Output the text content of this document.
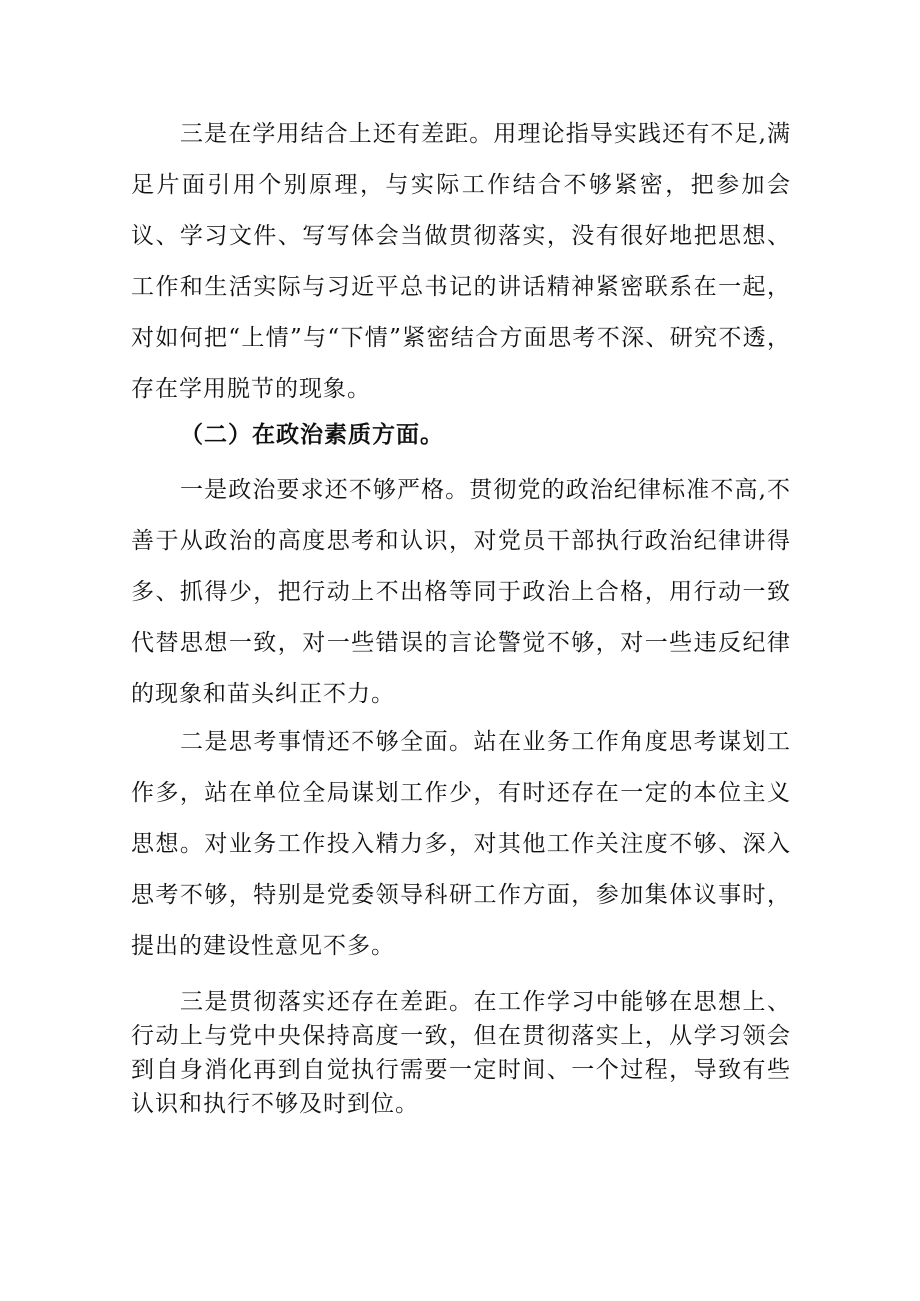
三是在学用结合上还有差距。用理论指导实践还有不足,满足片面引用个别原理，与实际工作结合不够紧密，把参加会议、学习文件、写写体会当做贯彻落实，没有很好地把思想、工作和生活实际与习近平总书记的讲话精神紧密联系在一起，对如何把“上情”与“下情”紧密结合方面思考不深、研究不透，存在学用脱节的现象。

（二）在政治素质方面。

一是政治要求还不够严格。贯彻党的政治纪律标准不高,不善于从政治的高度思考和认识，对党员干部执行政治纪律讲得多、抓得少，把行动上不出格等同于政治上合格，用行动一致代替思想一致，对一些错误的言论警觉不够，对一些违反纪律的现象和苗头纠正不力。

二是思考事情还不够全面。站在业务工作角度思考谋划工作多，站在单位全局谋划工作少，有时还存在一定的本位主义思想。对业务工作投入精力多，对其他工作关注度不够、深入思考不够，特别是党委领导科研工作方面，参加集体议事时，提出的建设性意见不多。

三是贯彻落实还存在差距。在工作学习中能够在思想上、行动上与党中央保持高度一致，但在贯彻落实上，从学习领会到自身消化再到自觉执行需要一定时间、一个过程，导致有些认识和执行不够及时到位。
